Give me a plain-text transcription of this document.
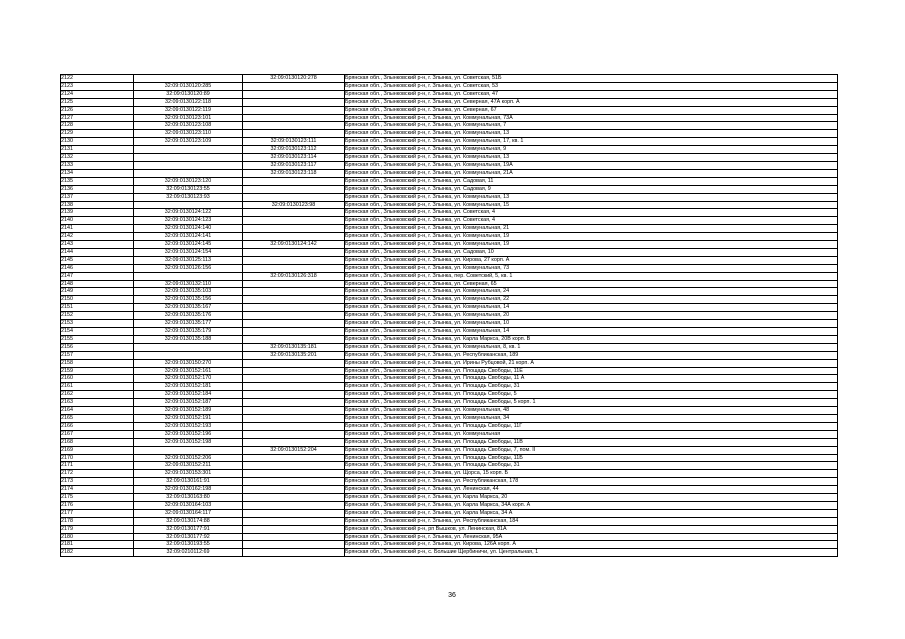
2122		32:09:0130120:278	Брянская обл., Злынковский р-н, г. Злынка, ул. Советская, 51Б
2123	32:09:0130120:285		Брянская обл., Злынковский р-н, г. Злынка, ул. Советская, 53
2124	32:09:0130120:89		Брянская обл., Злынковский р-н, г. Злынка, ул. Советская, 47
2125	32:09:0130122:118		Брянская обл., Злынковский р-н, г. Злынка, ул. Северная, 47А корп. А
2126	32:09:0130122:119		Брянская обл., Злынковский р-н, г. Злынка, ул. Северная, 67
2127	32:09:0130123:101		Брянская обл., Злынковский р-н, г. Злынка, ул. Коммунальная, 73А
2128	32:09:0130123:108		Брянская обл., Злынковский р-н, г. Злынка, ул. Коммунальная, 7
2129	32:09:0130123:110		Брянская обл., Злынковский р-н, г. Злынка, ул. Коммунальная, 13
2130	32:09:0130123:109	32:09:0130123:111	Брянская обл., Злынковский р-н, г. Злынка, ул. Коммунальная, 17, кв. 1
2131		32:09:0130123:112	Брянская обл., Злынковский р-н, г. Злынка, ул. Коммунальная, 9
2132		32:09:0130123:114	Брянская обл., Злынковский р-н, г. Злынка, ул. Коммунальная, 13
2133		32:09:0130123:117	Брянская обл., Злынковский р-н, г. Злынка, ул. Коммунальная, 19А
2134		32:09:0130123:118	Брянская обл., Злынковский р-н, г. Злынка, ул. Коммунальная, 21А
2135	32:09:0130123:120		Брянская обл., Злынковский р-н, г. Злынка, ул. Садовая, 11
2136	32:09:0130123:55		Брянская обл., Злынковский р-н, г. Злынка, ул. Садовая, 9
2137	32:09:0130123:93		Брянская обл., Злынковский р-н, г. Злынка, ул. Коммунальная, 13
2138		32:09:0130123:98	Брянская обл., Злынковский р-н, г. Злынка, ул. Коммунальная, 15
2139	32:09:0130124:122		Брянская обл., Злынковский р-н, г. Злынка, ул. Советская, 4
2140	32:09:0130124:123		Брянская обл., Злынковский р-н, г. Злынка, ул. Советская, 4
2141	32:09:0130124:140		Брянская обл., Злынковский р-н, г. Злынка, ул. Коммунальная, 21
2142	32:09:0130124:141		Брянская обл., Злынковский р-н, г. Злынка, ул. Коммунальная, 19
2143	32:09:0130124:145	32:09:0130124:142	Брянская обл., Злынковский р-н, г. Злынка, ул. Коммунальная, 19
2144	32:09:0130124:154		Брянская обл., Злынковский р-н, г. Злынка, ул. Садовая, 10
2145	32:09:0130125:113		Брянская обл., Злынковский р-н, г. Злынка, ул. Кирова, 27 корп. А
2146	32:09:0130126:156		Брянская обл., Злынковский р-н, г. Злынка, ул. Коммунальная, 73
2147		32:09:0130126:318	Брянская обл., Злынковский р-н, г. Злынка, пер. Советский, 5, кв. 1
2148	32:09:0130132:110		Брянская обл., Злынковский р-н, г. Злынка, ул. Северная, 65
2149	32:09:0130135:103		Брянская обл., Злынковский р-н, г. Злынка, ул. Коммунальная, 24
2150	32:09:0130135:156		Брянская обл., Злынковский р-н, г. Злынка, ул. Коммунальная, 22
2151	32:09:0130135:167		Брянская обл., Злынковский р-н, г. Злынка, ул. Коммунальная, 14
2152	32:09:0130135:176		Брянская обл., Злынковский р-н, г. Злынка, ул. Коммунальная, 20
2153	32:09:0130135:177		Брянская обл., Злынковский р-н, г. Злынка, ул. Коммунальная, 10
2154	32:09:0130135:179		Брянская обл., Злынковский р-н, г. Злынка, ул. Коммунальная, 14
2155	32:09:0130135:188		Брянская обл., Злынковский р-н, г. Злынка, ул. Карла Маркса, 20В корп. В
2156		32:09:0130135:181	Брянская обл., Злынковский р-н, г. Злынка, ул. Коммунальная, 8, кв. 1
2157		32:09:0130135:201	Брянская обл., Злынковский р-н, г. Злынка, ул. Республиканская, 189
2158	32:09:0130150:270		Брянская обл., Злынковский р-н, г. Злынка, ул. Ирины Рубцовой, 21 корп. А
2159	32:09:0130152:161		Брянская обл., Злынковский р-н, г. Злынка, ул. Площадь Свободы, 11Е
2160	32:09:0130152:170		Брянская обл., Злынковский р-н, г. Злынка, ул. Площадь Свободы, 11 А
2161	32:09:0130152:181		Брянская обл., Злынковский р-н, г. Злынка, ул. Площадь Свободы, 31
2162	32:09:0130152:184		Брянская обл., Злынковский р-н, г. Злынка, ул. Площадь Свободы, 5
2163	32:09:0130152:187		Брянская обл., Злынковский р-н, г. Злынка, ул. Площадь Свободы, 5 корп. 1
2164	32:09:0130152:189		Брянская обл., Злынковский р-н, г. Злынка, ул. Коммунальная, 48
2165	32:09:0130152:191		Брянская обл., Злынковский р-н, г. Злынка, ул. Коммунальная, 34
2166	32:09:0130152:193		Брянская обл., Злынковский р-н, г. Злынка, ул. Площадь Свободы, 11Г
2167	32:09:0130152:196		Брянская обл., Злынковский р-н, г. Злынка, ул. Коммунальная
2168	32:09:0130152:198		Брянская обл., Злынковский р-н, г. Злынка, ул. Площадь Свободы, 11В
2169		32:09:0130152:204	Брянская обл., Злынковский р-н, г. Злынка, ул. Площадь Свободы, 7, пом. II
2170	32:09:0130152:206		Брянская обл., Злынковский р-н, г. Злынка, ул. Площадь Свободы, 11Б
2171	32:09:0130152:211		Брянская обл., Злынковский р-н, г. Злынка, ул. Площадь Свободы, 31
2172	32:09:0130153:301		Брянская обл., Злынковский р-н, г. Злынка, ул. Щорса, 15 корп. Б
2173	32:09:0130161:91		Брянская обл., Злынковский р-н, г. Злынка, ул. Республиканская, 178
2174	32:09:0130162:198		Брянская обл., Злынковский р-н, г. Злынка, ул. Ленинская, 44
2175	32:09:0130163:80		Брянская обл., Злынковский р-н, г. Злынка, ул. Карла Маркса, 20
2176	32:09:0130164:103		Брянская обл., Злынковский р-н, г. Злынка, ул. Карла Маркса, 34А корп. А
2177	32:09:0130164:117		Брянская обл., Злынковский р-н, г. Злынка, ул. Карла Маркса, 34 А
2178	32:09:0130174:88		Брянская обл., Злынковский р-н, г. Злынка, ул. Республиканская, 184
2179	32:09:0130177:91		Брянская обл., Злынковский р-н, рп Вышков, ул. Ленинская, 81А
2180	32:09:0130177:92		Брянская обл., Злынковский р-н, г. Злынка, ул. Ленинская, 95А
2181	32:09:0130193:55		Брянская обл., Злынковский р-н, г. Злынка, ул. Кирова, 126А корп. А
2182	32:09:0210112:69		Брянская обл., Злынковский р-н, с. Большие Щербиничи, ул. Центральная, 1
36
